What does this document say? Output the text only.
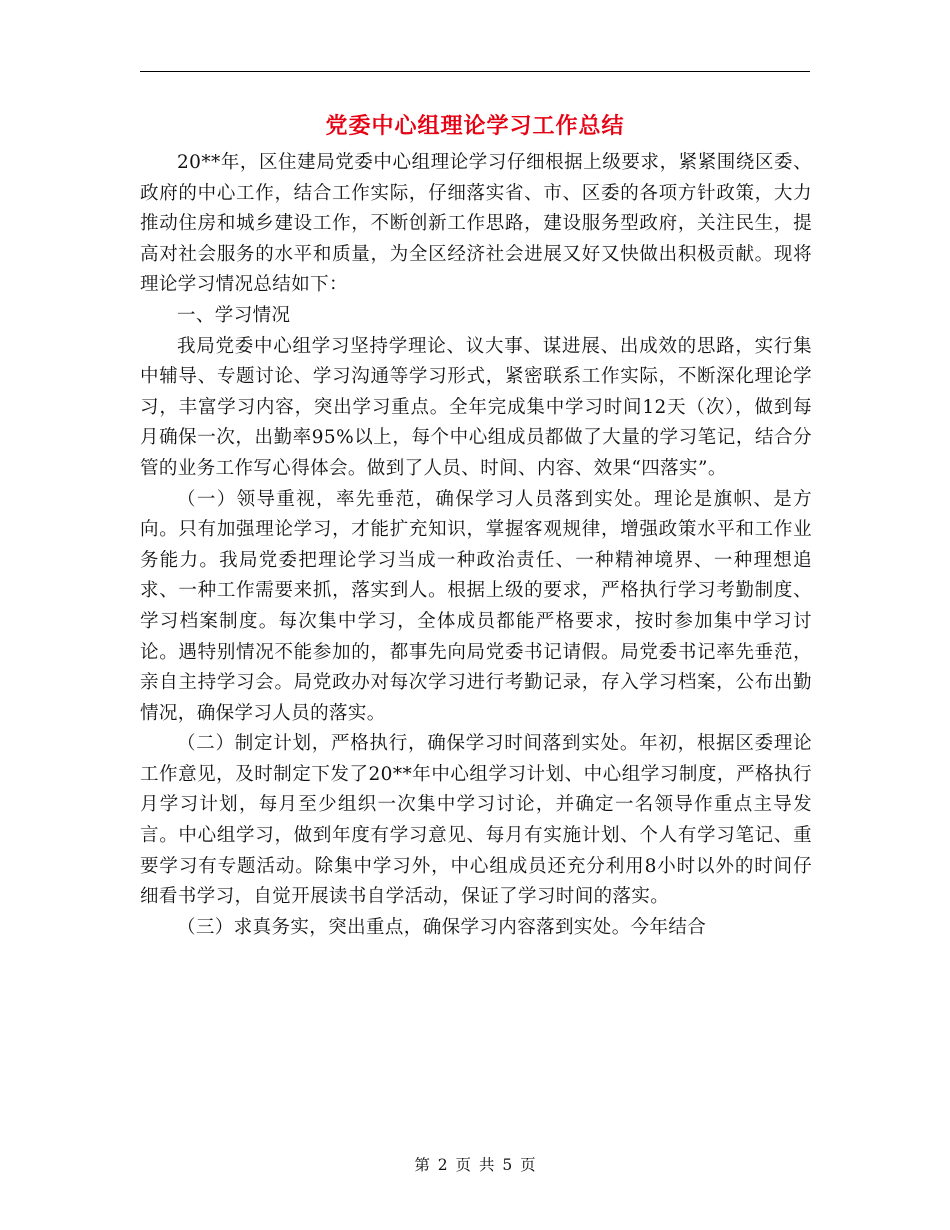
党委中心组理论学习工作总结

20**年，区住建局党委中心组理论学习仔细根据上级要求，紧紧围绕区委、政府的中心工作，结合工作实际，仔细落实省、市、区委的各项方针政策，大力推动住房和城乡建设工作，不断创新工作思路，建设服务型政府，关注民生，提高对社会服务的水平和质量，为全区经济社会进展又好又快做出积极贡献。现将理论学习情况总结如下：

一、学习情况

我局党委中心组学习坚持学理论、议大事、谋进展、出成效的思路，实行集中辅导、专题讨论、学习沟通等学习形式，紧密联系工作实际，不断深化理论学习，丰富学习内容，突出学习重点。全年完成集中学习时间12天（次），做到每月确保一次，出勤率95%以上，每个中心组成员都做了大量的学习笔记，结合分管的业务工作写心得体会。做到了人员、时间、内容、效果“四落实”。

（一）领导重视，率先垂范，确保学习人员落到实处。理论是旗帜、是方向。只有加强理论学习，才能扩充知识，掌握客观规律，增强政策水平和工作业务能力。我局党委把理论学习当成一种政治责任、一种精神境界、一种理想追求、一种工作需要来抓，落实到人。根据上级的要求，严格执行学习考勤制度、学习档案制度。每次集中学习，全体成员都能严格要求，按时参加集中学习讨论。遇特别情况不能参加的，都事先向局党委书记请假。局党委书记率先垂范，亲自主持学习会。局党政办对每次学习进行考勤记录，存入学习档案，公布出勤情况，确保学习人员的落实。

（二）制定计划，严格执行，确保学习时间落到实处。年初，根据区委理论工作意见，及时制定下发了20**年中心组学习计划、中心组学习制度，严格执行月学习计划，每月至少组织一次集中学习讨论，并确定一名领导作重点主导发言。中心组学习，做到年度有学习意见、每月有实施计划、个人有学习笔记、重要学习有专题活动。除集中学习外，中心组成员还充分利用8小时以外的时间仔细看书学习，自觉开展读书自学活动，保证了学习时间的落实。

（三）求真务实，突出重点，确保学习内容落到实处。今年结合

第 2 页 共 5 页
